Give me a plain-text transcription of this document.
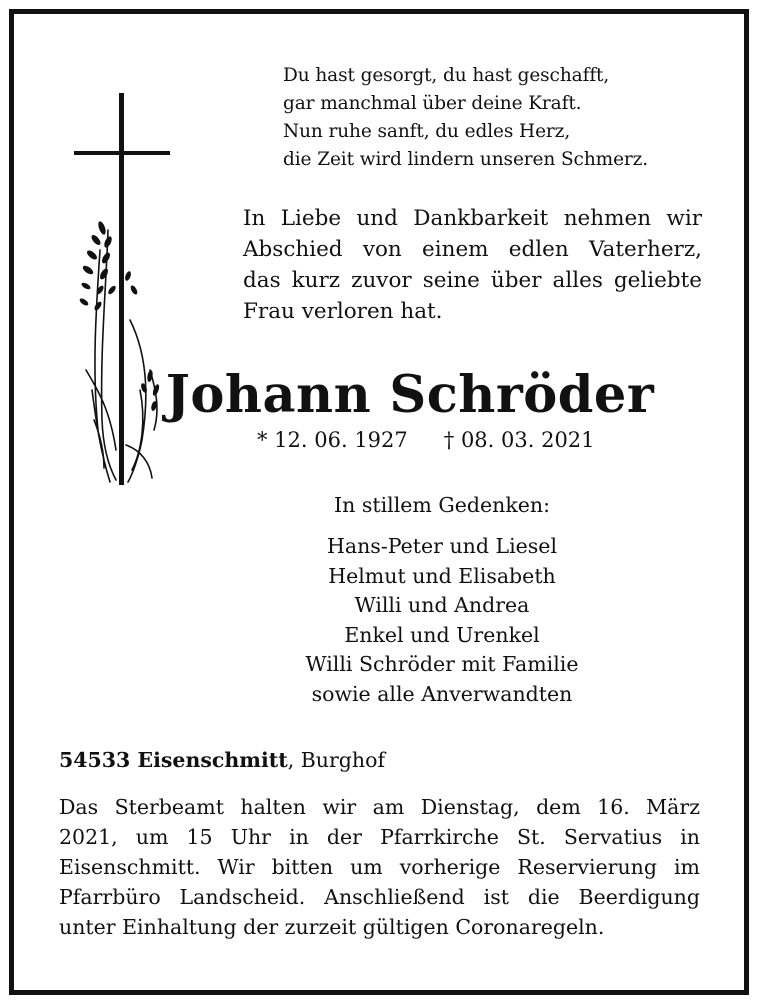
Du hast gesorgt, du hast geschafft,
gar manchmal über deine Kraft.
Nun ruhe sanft, du edles Herz,
die Zeit wird lindern unseren Schmerz.
In Liebe und Dankbarkeit nehmen wir
Abschied von einem edlen Vaterherz,
das kurz zuvor seine über alles geliebte
Frau verloren hat.
Johann Schröder
* 12. 06. 1927 † 08. 03. 2021
In stillem Gedenken:
Hans-Peter und Liesel
Helmut und Elisabeth
Willi und Andrea
Enkel und Urenkel
Willi Schröder mit Familie
sowie alle Anverwandten
54533 Eisenschmitt, Burghof
Das Sterbeamt halten wir am Dienstag, dem 16. März
2021, um 15 Uhr in der Pfarrkirche St. Servatius in
Eisenschmitt. Wir bitten um vorherige Reservierung im
Pfarrbüro Landscheid. Anschließend ist die Beerdigung
unter Einhaltung der zurzeit gültigen Coronaregeln.
